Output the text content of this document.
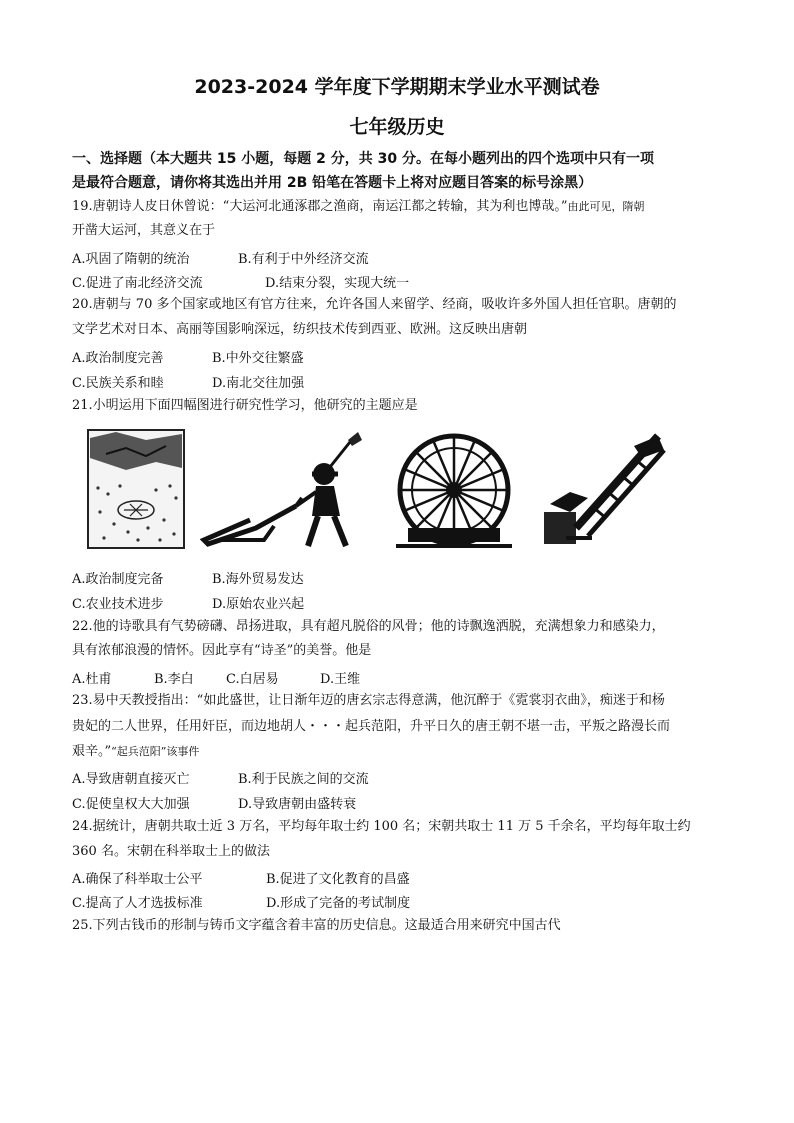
2023-2024 学年度下学期期末学业水平测试卷
七年级历史
一、选择题（本大题共 15 小题，每题 2 分，共 30 分。在每小题列出的四个选项中只有一项
是最符合题意，请你将其选出并用 2B 铅笔在答题卡上将对应题目答案的标号涂黑）
19.唐朝诗人皮日休曾说：“大运河北通涿郡之渔商，南运江都之转输，其为利也博哉。”由此可见，隋朝
开凿大运河，其意义在于
A.巩固了隋朝的统治	B.有利于中外经济交流
C.促进了南北经济交流	D.结束分裂，实现大统一
20.唐朝与 70 多个国家或地区有官方往来，允许各国人来留学、经商，吸收许多外国人担任官职。唐朝的
文学艺术对日本、高丽等国影响深远，纺织技术传到西亚、欧洲。这反映出唐朝
A.政治制度完善	B.中外交往繁盛
C.民族关系和睦	D.南北交往加强
21.小明运用下面四幅图进行研究性学习，他研究的主题应是
A.政治制度完备	B.海外贸易发达
C.农业技术进步	D.原始农业兴起
22.他的诗歌具有气势磅礴、昂扬进取，具有超凡脱俗的风骨；他的诗飘逸洒脱，充满想象力和感染力，
具有浓郁浪漫的情怀。因此享有“诗圣”的美誉。他是
A.杜甫	B.李白 C.白居易	D.王维
23.易中天教授指出：“如此盛世，让日渐年迈的唐玄宗志得意满，他沉醉于《霓裳羽衣曲》，痴迷于和杨
贵妃的二人世界，任用奸臣，而边地胡人・・・起兵范阳，升平日久的唐王朝不堪一击，平叛之路漫长而
艰辛。”“起兵范阳”该事件
A.导致唐朝直接灭亡	B.利于民族之间的交流
C.促使皇权大大加强	D.导致唐朝由盛转衰
24.据统计，唐朝共取士近 3 万名，平均每年取士约 100 名；宋朝共取士 11 万 5 千余名，平均每年取士约
360 名。宋朝在科举取士上的做法
A.确保了科举取士公平	B.促进了文化教育的昌盛
C.提高了人才选拔标准	D.形成了完备的考试制度
25.下列古钱币的形制与铸币文字蕴含着丰富的历史信息。这最适合用来研究中国古代
